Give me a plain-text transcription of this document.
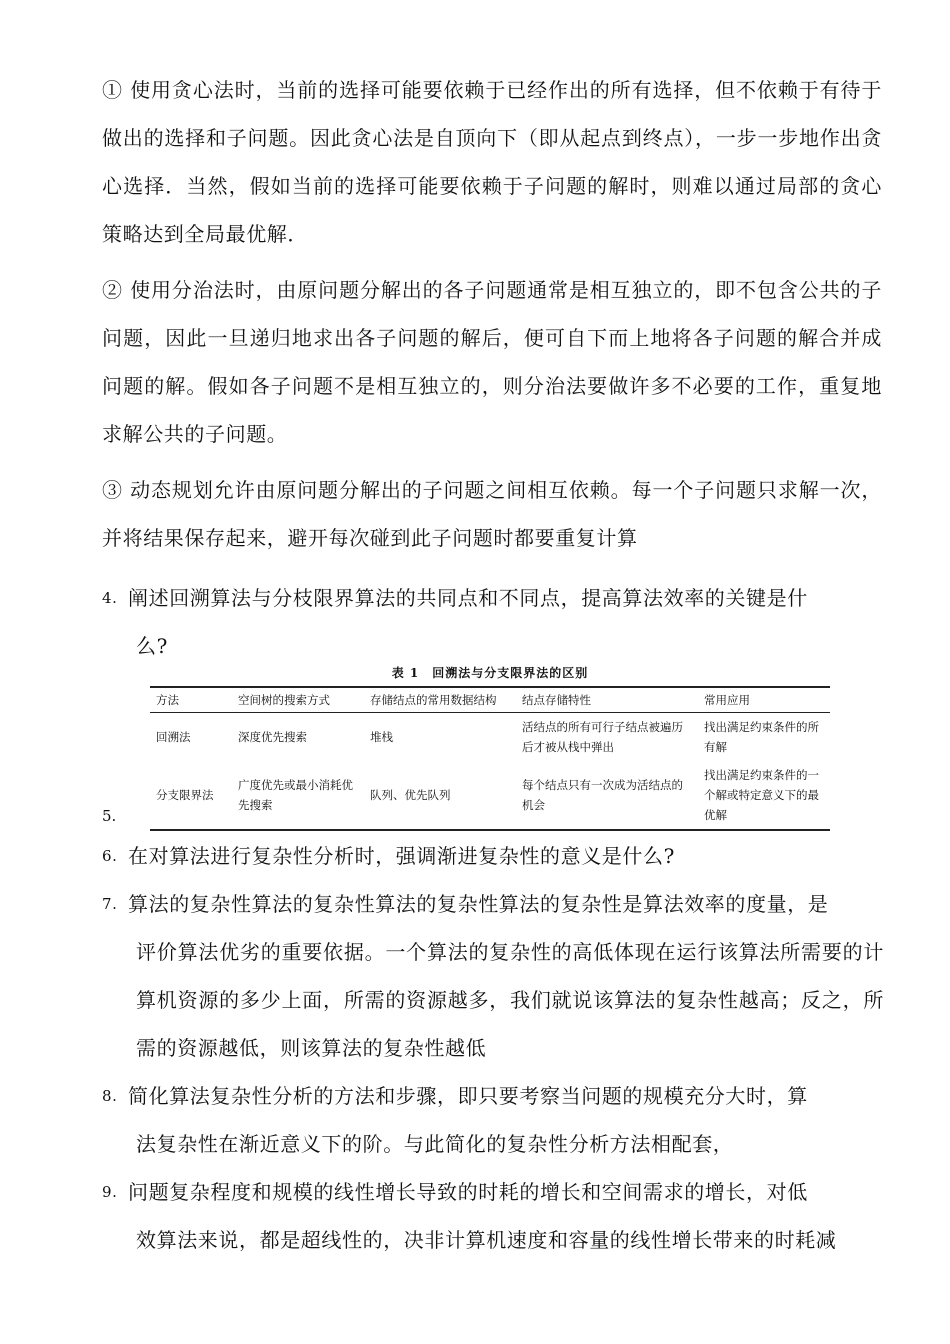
① 使用贪心法时，当前的选择可能要依赖于已经作出的所有选择，但不依赖于有待于做出的选择和子问题。因此贪心法是自顶向下（即从起点到终点），一步一步地作出贪心选择．当然，假如当前的选择可能要依赖于子问题的解时，则难以通过局部的贪心策略达到全局最优解．

② 使用分治法时，由原问题分解出的各子问题通常是相互独立的，即不包含公共的子问题，因此一旦递归地求出各子问题的解后，便可自下而上地将各子问题的解合并成问题的解。假如各子问题不是相互独立的，则分治法要做许多不必要的工作，重复地求解公共的子问题。

③ 动态规划允许由原问题分解出的子问题之间相互依赖。每一个子问题只求解一次，并将结果保存起来，避开每次碰到此子问题时都要重复计算

4. 阐述回溯算法与分枝限界算法的共同点和不同点，提高算法效率的关键是什
么?
表 1　回溯法与分支限界法的区别
方法	空间树的搜索方式	存储结点的常用数据结构	结点存储特性	常用应用
回溯法	深度优先搜索	堆栈	活结点的所有可行子结点被遍历后才被从栈中弹出	找出满足约束条件的所有解
分支限界法	广度优先或最小消耗优先搜索	队列、优先队列	每个结点只有一次成为活结点的机会	找出满足约束条件的一个解或特定意义下的最优解
5.
6. 在对算法进行复杂性分析时，强调渐进复杂性的意义是什么?
7. 算法的复杂性算法的复杂性算法的复杂性算法的复杂性是算法效率的度量，是
评价算法优劣的重要依据。一个算法的复杂性的高低体现在运行该算法所需要的计算机资源的多少上面，所需的资源越多，我们就说该算法的复杂性越高；反之，所需的资源越低，则该算法的复杂性越低
8. 简化算法复杂性分析的方法和步骤，即只要考察当问题的规模充分大时，算
法复杂性在渐近意义下的阶。与此简化的复杂性分析方法相配套，
9. 问题复杂程度和规模的线性增长导致的时耗的增长和空间需求的增长，对低
效算法来说，都是超线性的，决非计算机速度和容量的线性增长带来的时耗减
